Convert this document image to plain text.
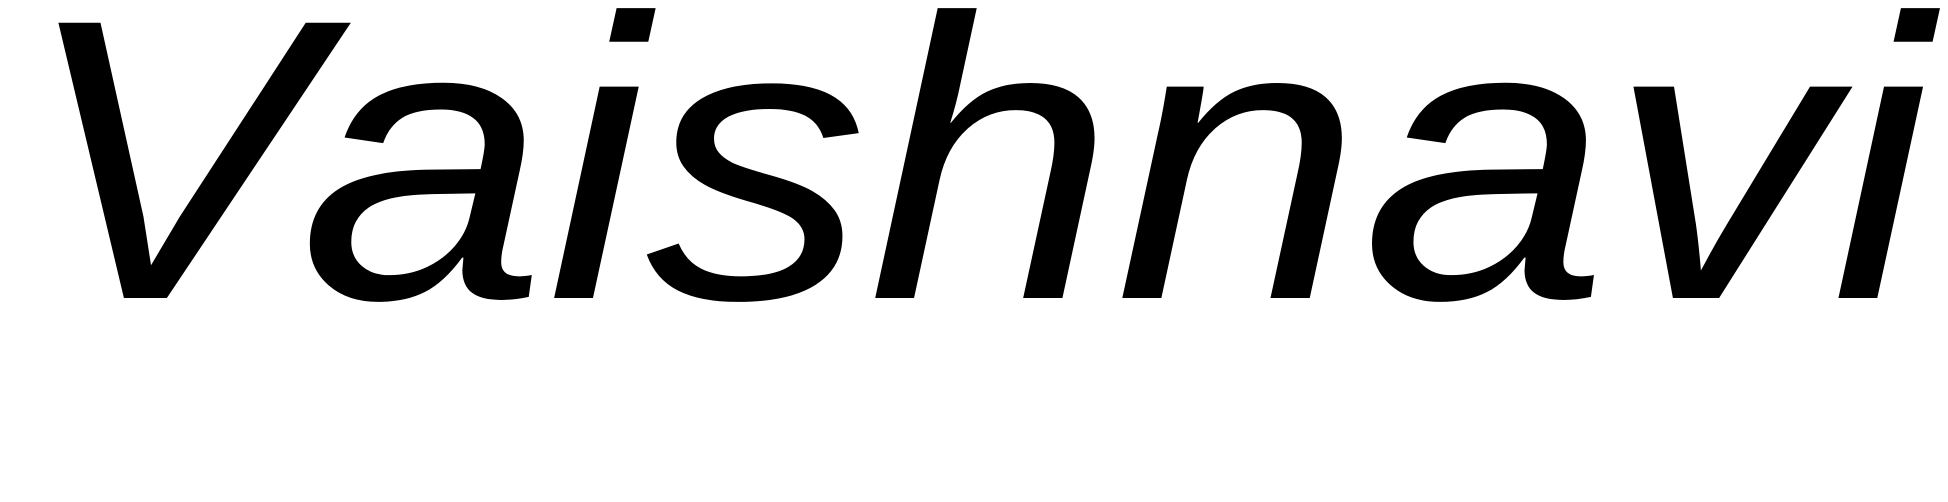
Vaishnavi
